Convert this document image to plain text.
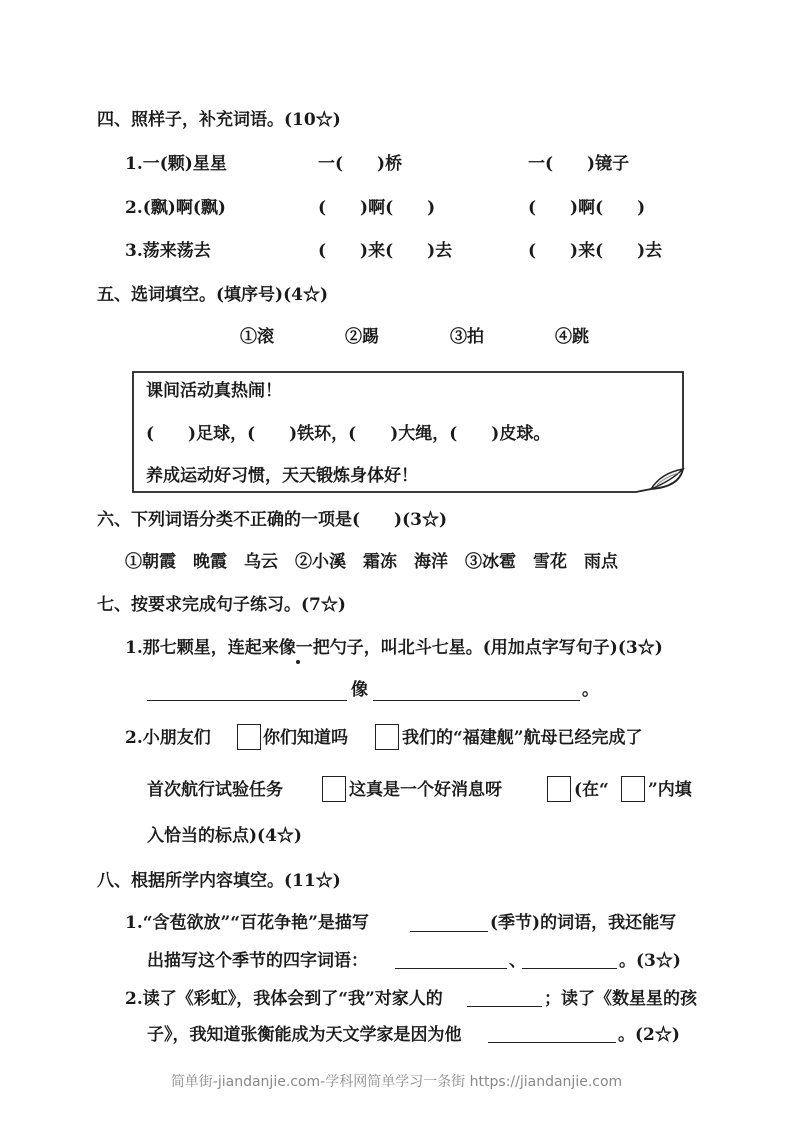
四、照样子，补充词语。(10☆)
1.一(颗)星星	一(　　)桥	一(　　)镜子
2.(飘)啊(飘)	(　　)啊(　　)	(　　)啊(　　)
3.荡来荡去	(　　)来(　　)去	(　　)来(　　)去
五、选词填空。(填序号)(4☆)
①滚	②踢	③拍	④跳
课间活动真热闹！
(　　)足球，(　　)铁环，(　　)大绳，(　　)皮球。
养成运动好习惯，天天锻炼身体好！
六、下列词语分类不正确的一项是(　　)(3☆)
①朝霞　晚霞　乌云　②小溪　霜冻　海洋　③冰雹　雪花　雨点
七、按要求完成句子练习。(7☆)
1.那七颗星，连起来像一把勺子，叫北斗七星。(用加点字写句子)(3☆)
像	。
2.小朋友们	你们知道吗	我们的“福建舰”航母已经完成了
首次航行试验任务	这真是一个好消息呀	(在“ ”内填
入恰当的标点)(4☆)
八、根据所学内容填空。(11☆)
1.“含苞欲放”“百花争艳”是描写	(季节)的词语，我还能写
出描写这个季节的四字词语：	、	。(3☆)
2.读了《彩虹》，我体会到了“我”对家人的	；读了《数星星的孩
子》，我知道张衡能成为天文学家是因为他	。(2☆)
简单街-jiandanjie.com-学科网简单学习一条街 https://jiandanjie.com
